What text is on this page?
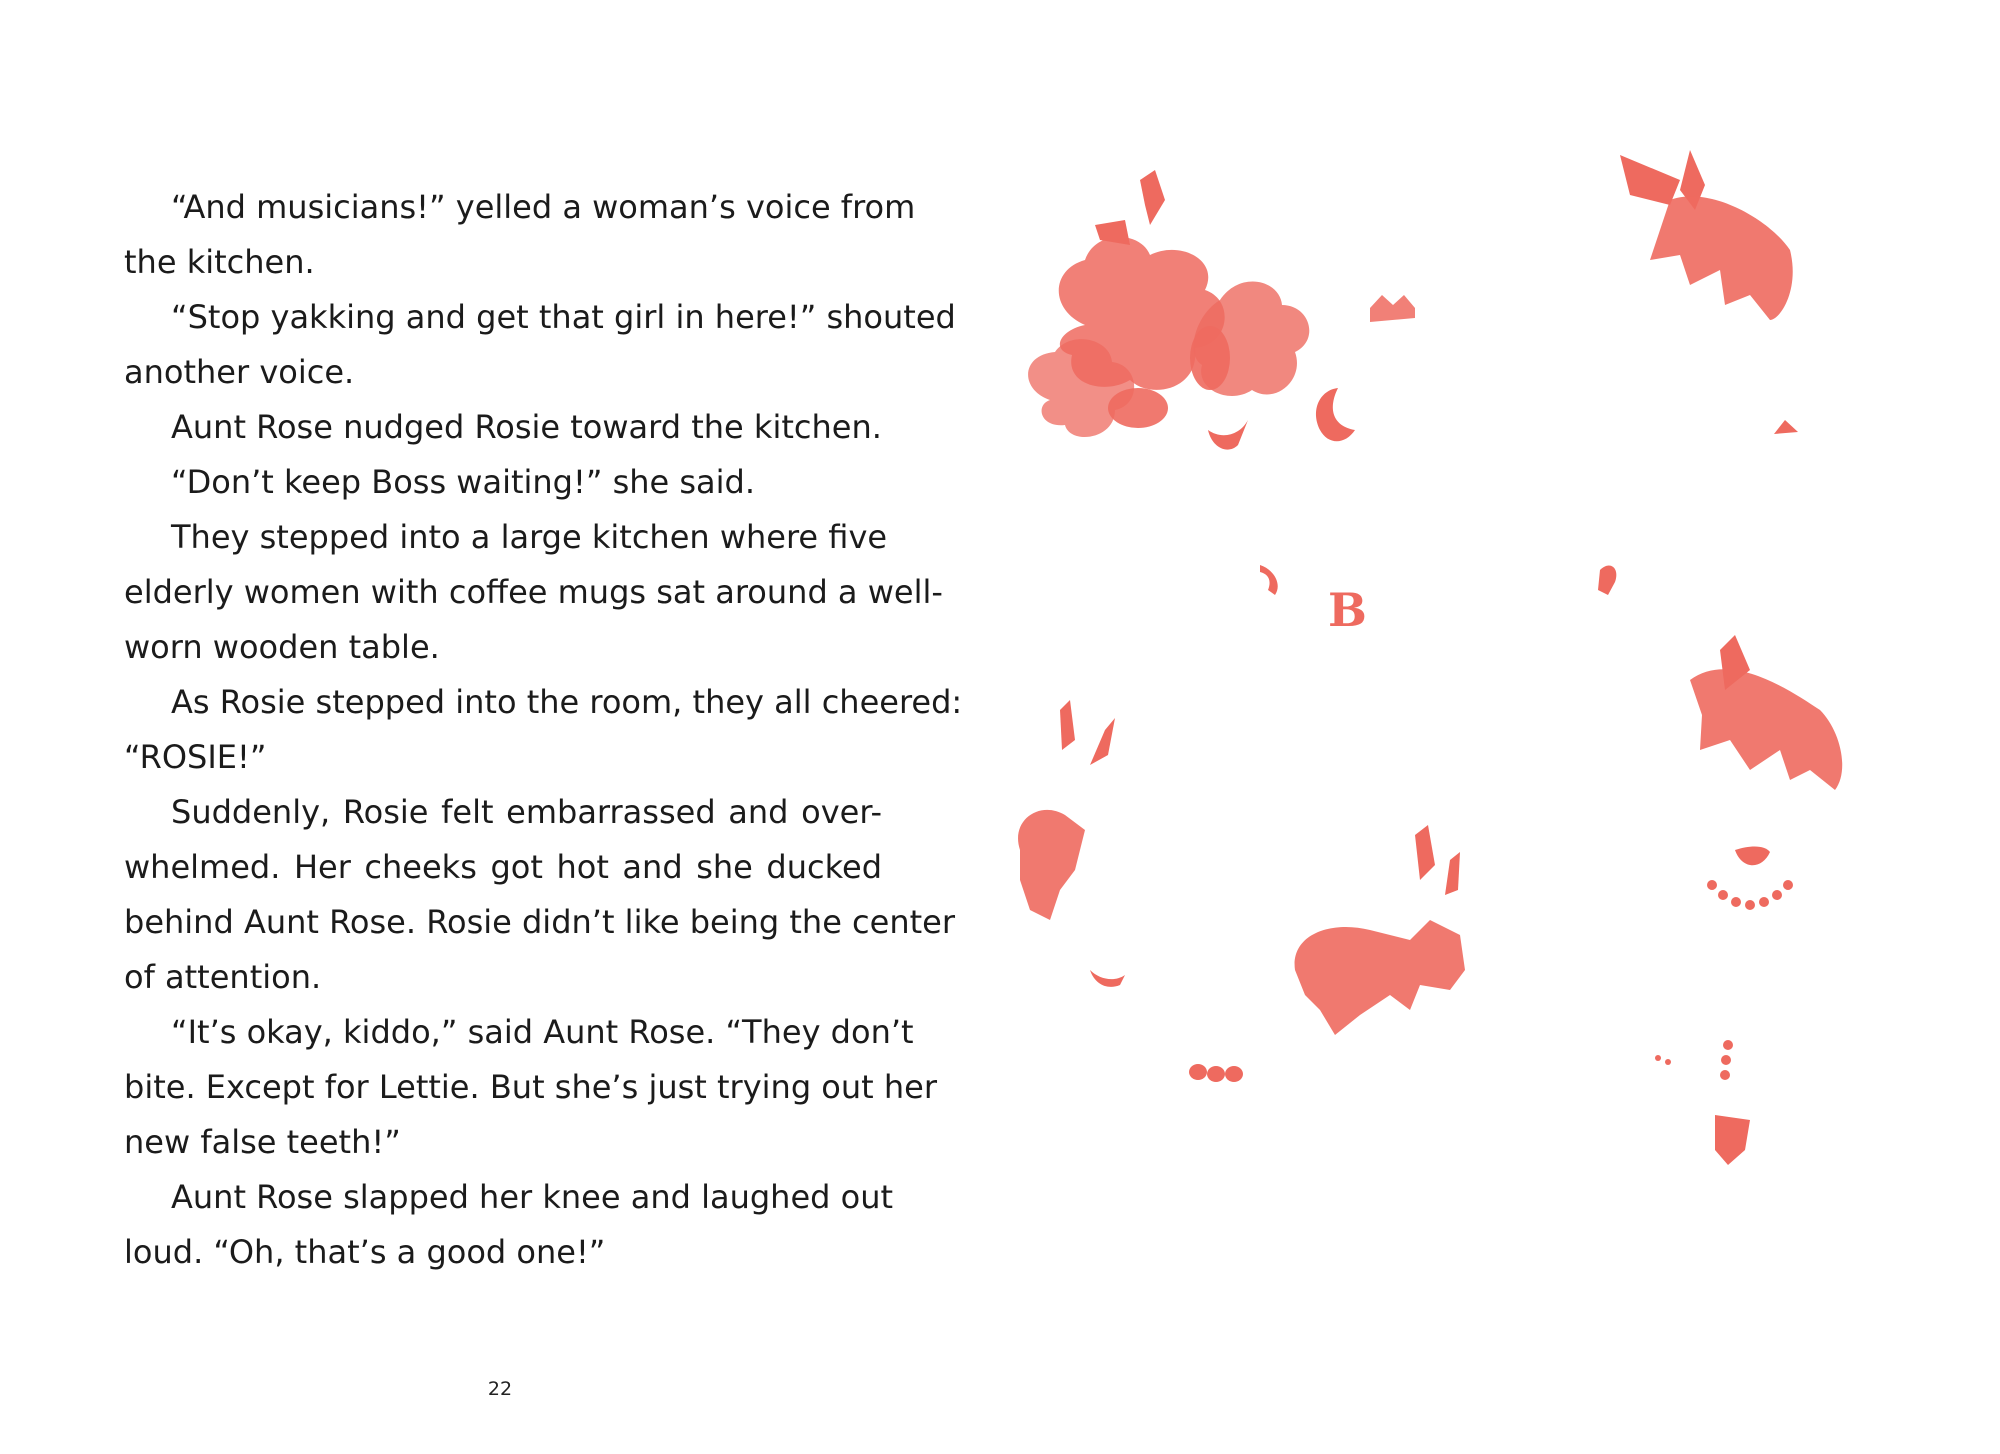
“And musicians!” yelled a woman’s voice from
the kitchen.
“Stop yakking and get that girl in here!” shouted
another voice.
Aunt Rose nudged Rosie toward the kitchen.
“Don’t keep Boss waiting!” she said.
They stepped into a large kitchen where five
elderly women with coffee mugs sat around a well-
worn wooden table.
As Rosie stepped into the room, they all cheered:
“ROSIE!”
Suddenly, Rosie felt embarrassed and over-
whelmed. Her cheeks got hot and she ducked
behind Aunt Rose. Rosie didn’t like being the center
of attention.
“It’s okay, kiddo,” said Aunt Rose. “They don’t
bite. Except for Lettie. But she’s just trying out her
new false teeth!”
Aunt Rose slapped her knee and laughed out
loud. “Oh, that’s a good one!”
22
B
